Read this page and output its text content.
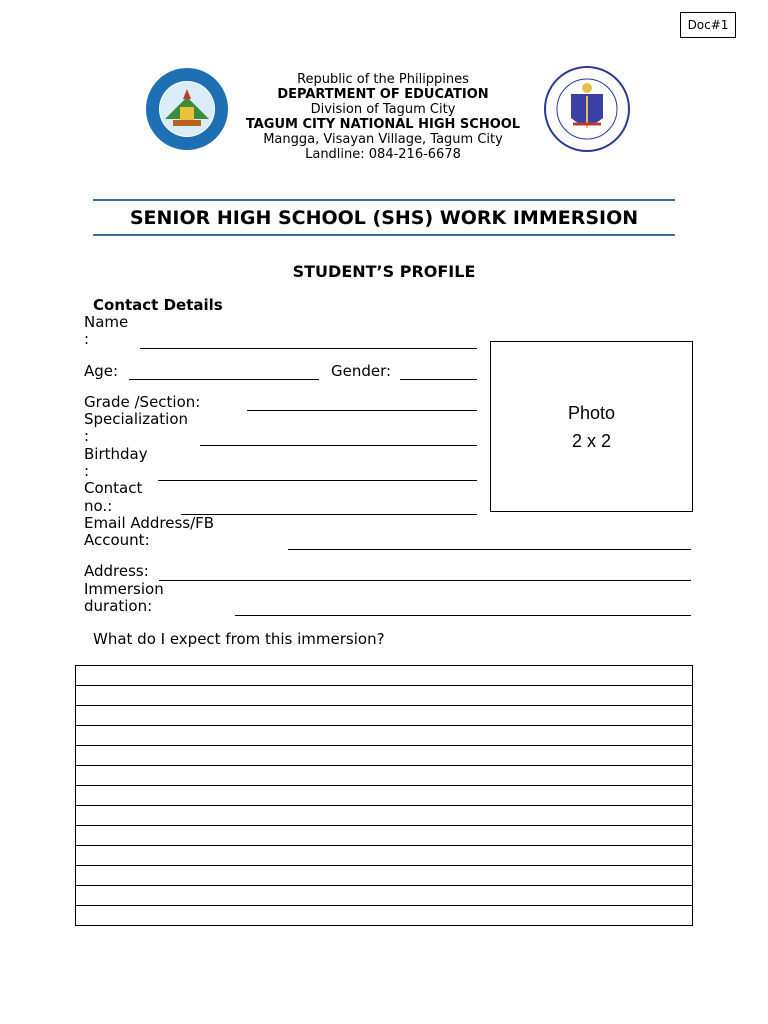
Doc#1
Republic of the Philippines
DEPARTMENT OF EDUCATION
Division of Tagum City
TAGUM CITY NATIONAL HIGH SCHOOL
Mangga, Visayan Village, Tagum City
Landline: 084-216-6678
SENIOR HIGH SCHOOL (SHS) WORK IMMERSION
STUDENT’S PROFILE
Contact Details
Name
:
Age:	Gender:
Grade /Section:
Specialization
:
Birthday
:
Contact
no.:
Photo
2 x 2
Email Address/FB
Account:
Address:
Immersion
duration:
What do I expect from this immersion?
